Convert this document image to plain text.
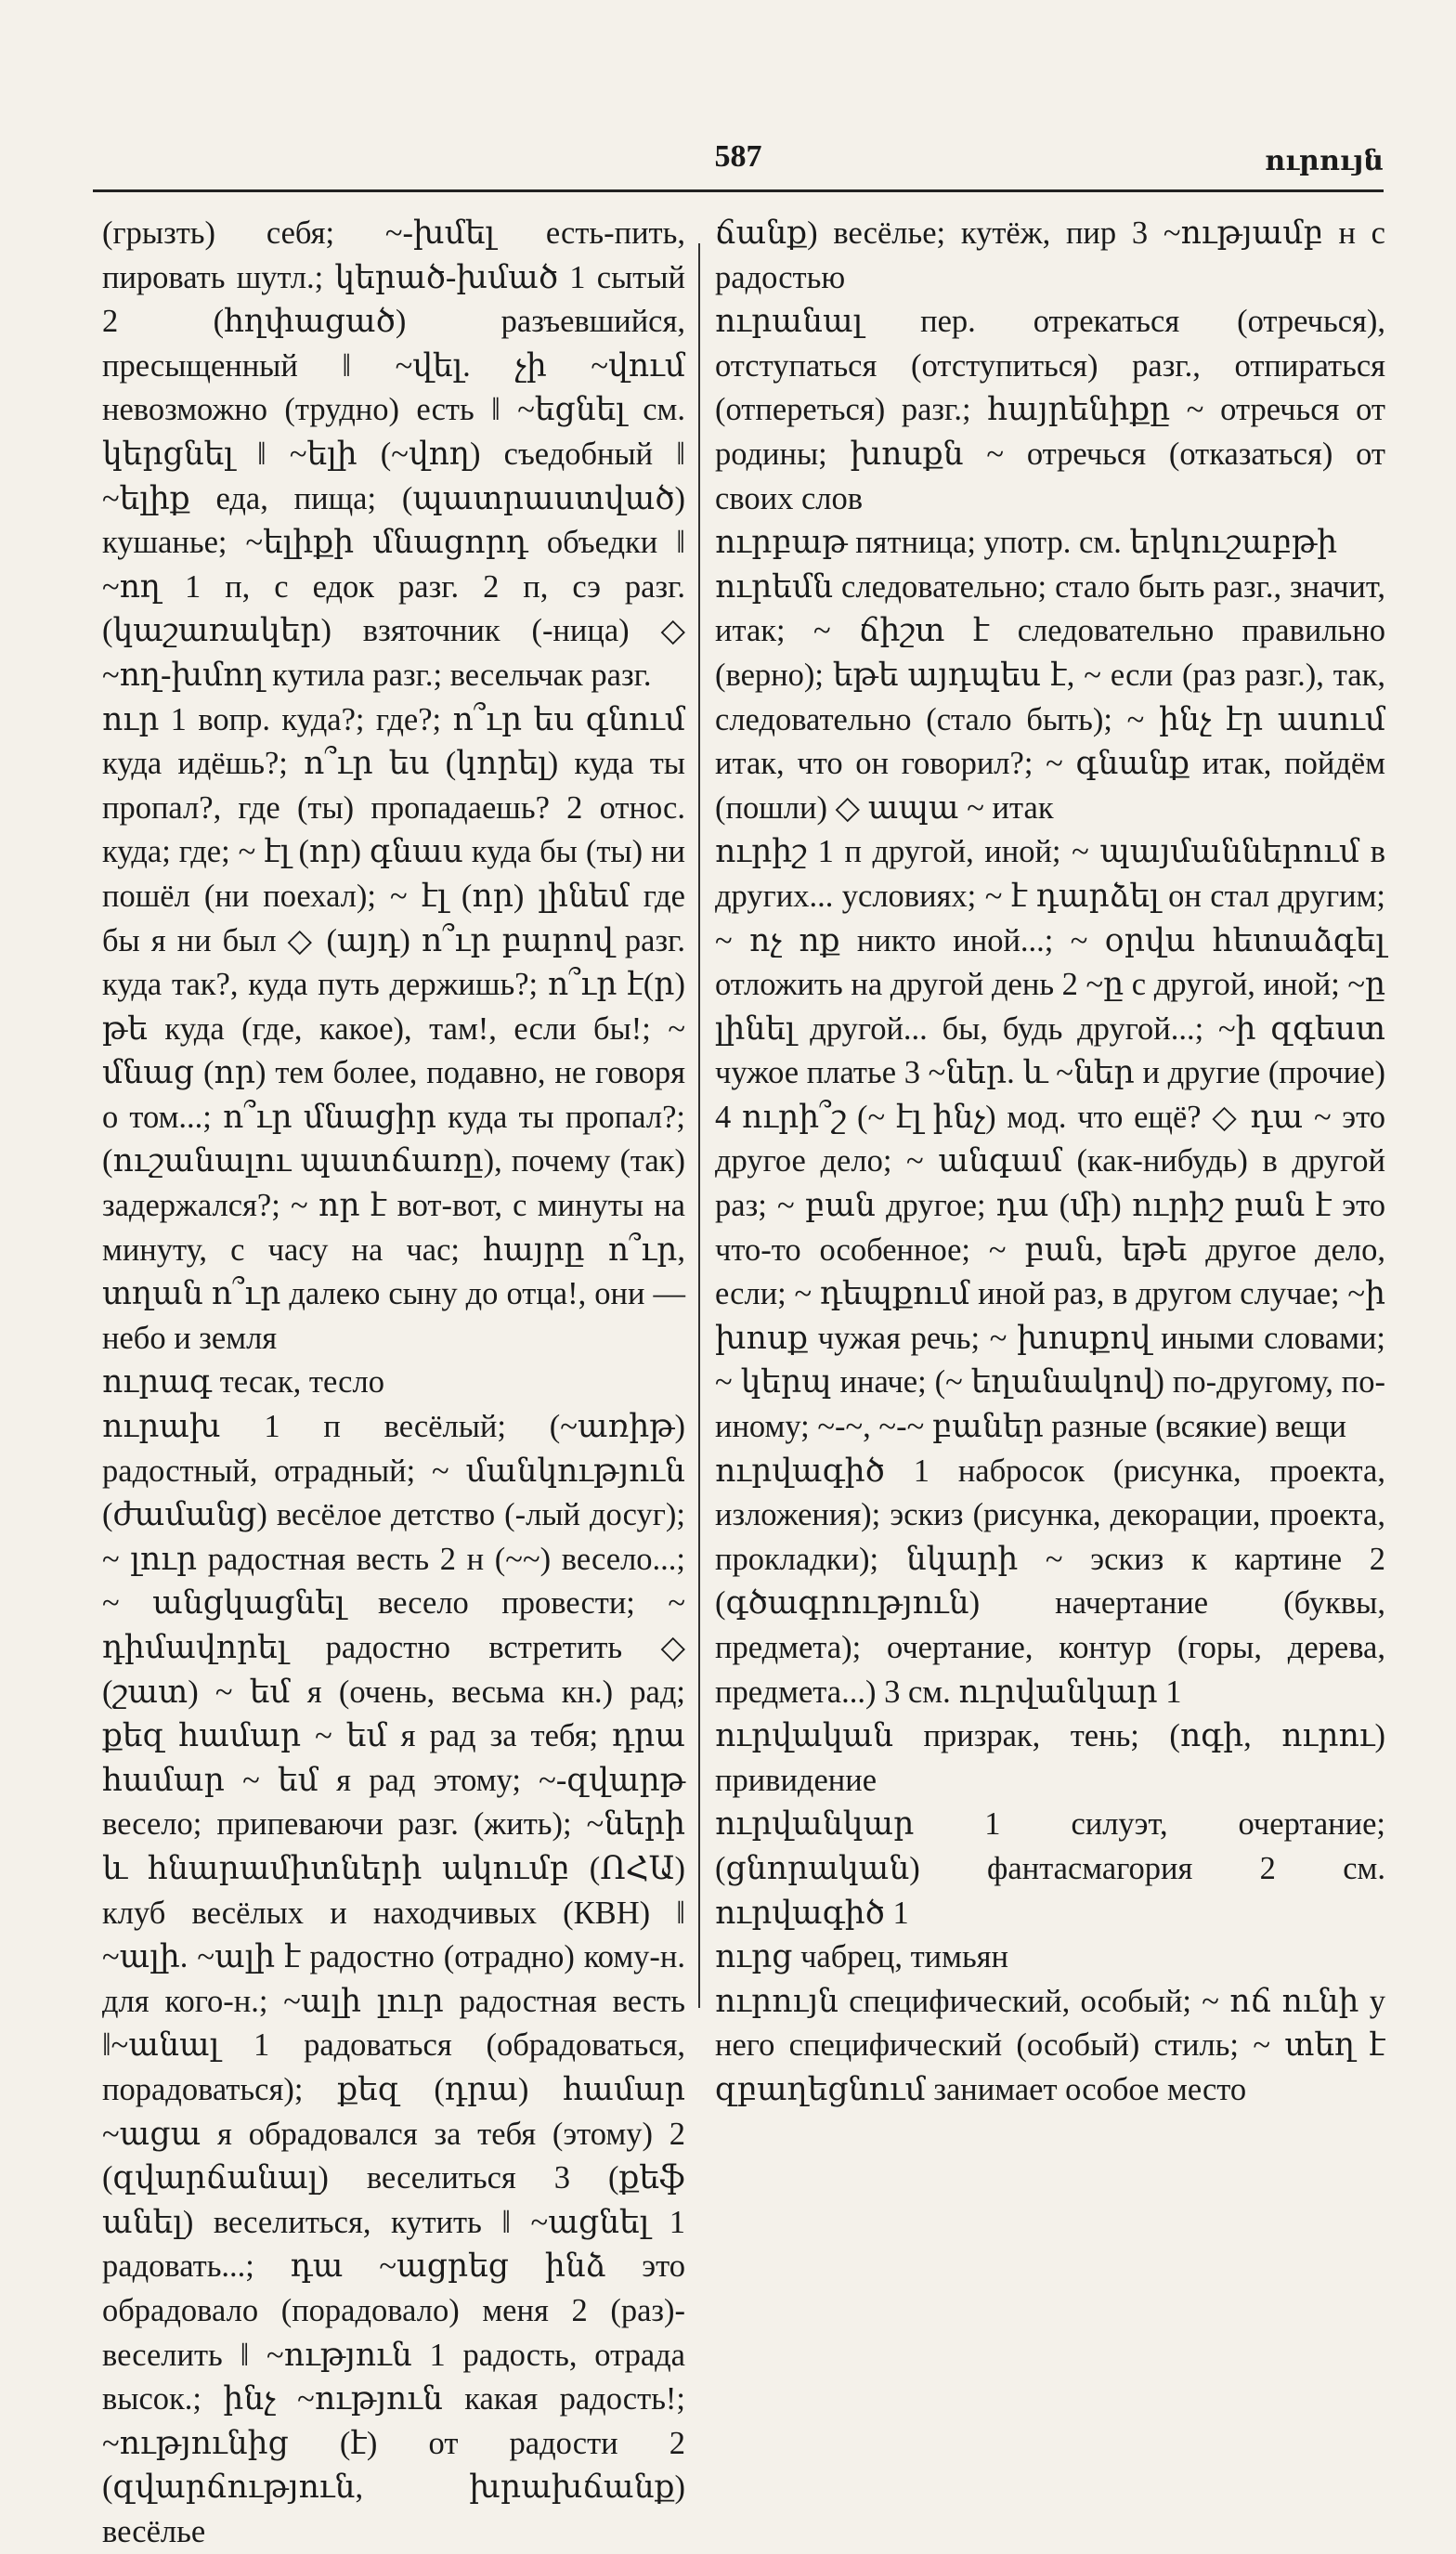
587	ուրույն

(грызть) себя; ~-խմել есть-пить, пировать шутл.; կերած-խմած 1 сытый 2 (հղփացած) разъевшийся, пресыщенный ‖ ~վել. չի ~վում невозможно (трудно) есть ‖ ~եցնել см. կերցնել ‖ ~ելի (~վող) съедобный ‖ ~ելիք еда, пища; (պատրաստված) кушанье; ~ելիքի մնացորդ объедки ‖ ~ող 1 п, с едок разг. 2 п, сэ разг. (կաշառակեր) взяточник (-ница) ◇ ~ող-խմող кутила разг.; весельчак разг.

ուր 1 вопр. куда?; где?; ո՞ւր ես գնում куда идёшь?; ո՞ւր ես (կորել) куда ты пропал?, где (ты) пропадаешь? 2 относ. куда; где; ~ էլ (որ) գնաս куда бы (ты) ни пошёл (ни поехал); ~ էլ (որ) լինեմ где бы я ни был ◇ (այդ) ո՞ւր բարով разг. куда так?, куда путь держишь?; ո՞ւր է(ր) թե куда (где, какое), там!, если бы!; ~ մնաց (որ) тем более, подавно, не говоря о том...; ո՞ւր մնացիր куда ты пропал?; (ուշանալու պատճառը), почему (так) задержался?; ~ որ է вот-вот, с минуты на минуту, с часу на час; հայրը ո՞ւր, տղան ո՞ւր далеко сыну до отца!, они — небо и земля

ուրագ тесак, тесло

ուրախ 1 п весёлый; (~առիթ) радостный, отрадный; ~ մանկություն (ժամանց) весёлое детство (-лый досуг); ~ լուր радостная весть 2 н (~~) весело...; ~ անցկացնել весело провести; ~ դիմավորել радостно встретить ◇ (շատ) ~ եմ я (очень, весьма кн.) рад; քեզ համար ~ եմ я рад за тебя; դրա համար ~ եմ я рад этому; ~-զվարթ весело; припеваючи разг. (жить); ~ների և հնարամիտների ակումբ (ՈՀԱ) клуб весёлых и находчивых (КВН) ‖ ~ալի. ~ալի է радостно (отрадно) кому-н. для кого-н.; ~ալի լուր радостная весть ‖~անալ 1 радоваться (обрадоваться, порадоваться); քեզ (դրա) համար ~ացա я обрадовался за тебя (этому) 2 (զվարճանալ) веселиться 3 (քեֆ անել) веселиться, кутить ‖ ~ացնել 1 радовать...; դա ~ացրեց ինձ это обрадовало (порадовало) меня 2 (раз)-веселить ‖ ~ություն 1 радость, отрада высок.; ինչ ~ություն какая радость!; ~ությունից (է) от радости 2 (զվարճություն, խրախճանք) весёлье

ճանք) весёлье; кутёж, пир 3 ~ությամբ н с радостью

ուրանալ пер. отрекаться (отречься), отступаться (отступиться) разг., отпираться (отпереться) разг.; հայրենիքը ~ отречься от родины; խոսքն ~ отречься (отказаться) от своих слов

ուրբաթ пятница; употр. см. երկուշաբթի

ուրեմն следовательно; стало быть разг., значит, итак; ~ ճիշտ է следовательно правильно (верно); եթե այդպես է, ~ если (раз разг.), так, следовательно (стало быть); ~ ինչ էր ասում итак, что он говорил?; ~ գնանք итак, пойдём (пошли) ◇ ապա ~ итак

ուրիշ 1 п другой, иной; ~ պայմաններում в других... условиях; ~ է դարձել он стал другим; ~ ոչ ոք никто иной...; ~ օրվա հետաձգել отложить на другой день 2 ~ը с другой, иной; ~ը լինել другой... бы, будь другой...; ~ի զգեստ чужое платье 3 ~ներ. և ~ներ и другие (прочие) 4 ուրի՞շ (~ էլ ինչ) мод. что ещё? ◇ դա ~ это другое дело; ~ անգամ (как-нибудь) в другой раз; ~ բան другое; դա (մի) ուրիշ բան է это что-то особенное; ~ բան, եթե другое дело, если; ~ դեպքում иной раз, в другом случае; ~ի խոսք чужая речь; ~ խոսքով иными словами; ~ կերպ иначе; (~ եղանակով) по-другому, по-иному; ~-~, ~-~ բաներ разные (всякие) вещи

ուրվագիծ 1 набросок (рисунка, проекта, изложения); эскиз (рисунка, декорации, проекта, прокладки); նկարի ~ эскиз к картине 2 (գծագրություն) начертание (буквы, предмета); очертание, контур (горы, дерева, предмета...) 3 см. ուրվանկար 1

ուրվական призрак, тень; (ոգի, ուրու) привидение

ուրվանկար 1 силуэт, очертание; (ցնորական) фантасмагория 2 см. ուրվագիծ 1

ուրց чабрец, тимьян

ուրույն специфический, особый; ~ ոճ ունի у него специфический (особый) стиль; ~ տեղ է զբաղեցնում занимает особое место
